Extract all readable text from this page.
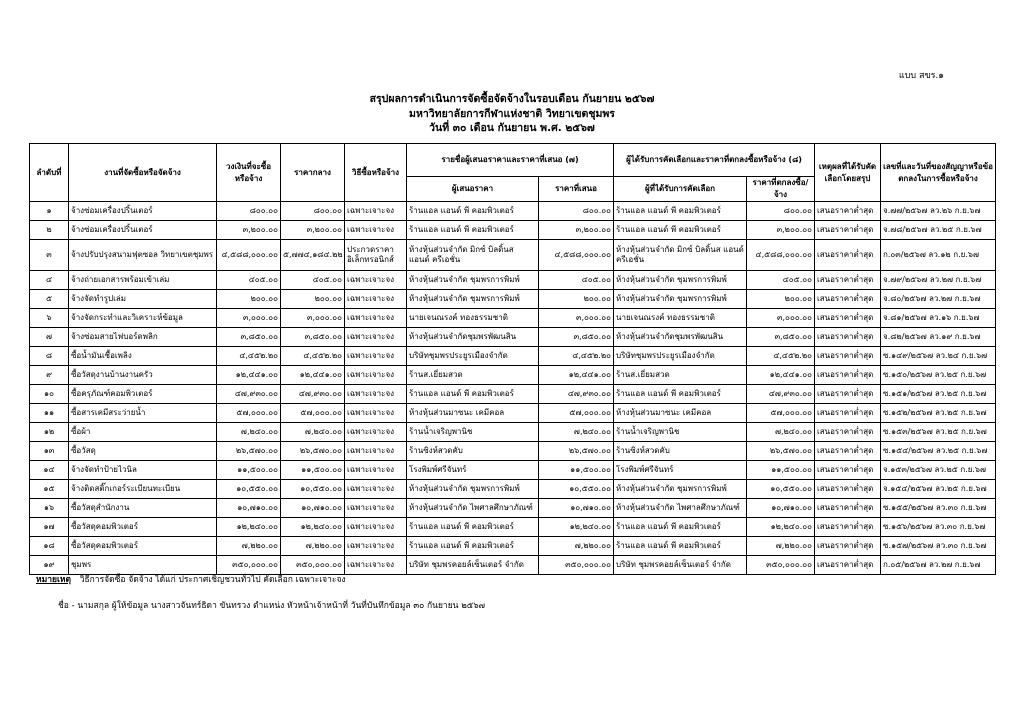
แบบ สขร.๑
สรุปผลการดำเนินการจัดซื้อจัดจ้างในรอบเดือน กันยายน ๒๕๖๗
มหาวิทยาลัยการกีฬาแห่งชาติ วิทยาเขตชุมพร
วันที่ ๓๐ เดือน กันยายน พ.ศ. ๒๕๖๗
ลำดับที่	งานที่จัดซื้อหรือจัดจ้าง	วงเงินที่จะซื้อหรือจ้าง	ราคากลาง	วิธีซื้อหรือจ้าง	รายชื่อผู้เสนอราคาและราคาที่เสนอ (๗)		ผู้ได้รับการคัดเลือกและราคาที่ตกลงซื้อหรือจ้าง (๘)		เหตุผลที่ได้รับคัดเลือกโดยสรุป	เลขที่และวันที่ของสัญญาหรือข้อตกลงในการซื้อหรือจ้าง
					ผู้เสนอราคา	ราคาที่เสนอ	ผู้ที่ได้รับการคัดเลือก	ราคาที่ตกลงซื้อ/จ้าง		
๑	จ้างซ่อมเครื่องปริ้นเตอร์	๘๐๐.๐๐	๘๐๐.๐๐	เฉพาะเจาะจง	ร้านแอล แอนด์ พี คอมพิวเตอร์	๘๐๐.๐๐	ร้านแอล แอนด์ พี คอมพิวเตอร์	๘๐๐.๐๐	เสนอราคาต่ำสุด	จ.๗๗/๒๕๖๗ ลว.๒๖ ก.ย.๖๗
๒	จ้างซ่อมเครื่องปริ้นเตอร์	๓,๒๐๐.๐๐	๓,๒๐๐.๐๐	เฉพาะเจาะจง	ร้านแอล แอนด์ พี คอมพิวเตอร์	๓,๒๐๐.๐๐	ร้านแอล แอนด์ พี คอมพิวเตอร์	๓,๒๐๐.๐๐	เสนอราคาต่ำสุด	จ.๗๘/๒๕๖๗ ลว.๒๕ ก.ย.๖๗
๓	จ้างปรับปรุงสนามฟุตซอล วิทยาเขตชุมพร	๔,๕๘๘,๐๐๐.๐๐	๕,๗๗๔,๑๘๔.๒๒	ประกวดราคาอิเล็กทรอนิกส์	ห้างหุ้นส่วนจำกัด มิกซ์ บิลดิ้นส แอนด์ ครีเอชั่น	๔,๕๘๘,๐๐๐.๐๐	ห้างหุ้นส่วนจำกัด มิกซ์ บิลดิ้นส แอนด์ ครีเอชั่น	๔,๕๘๘,๐๐๐.๐๐	เสนอราคาต่ำสุด	ก.๐๓/๒๕๖๗ ลว.๑๒ ก.ย.๖๗
๔	จ้างถ่ายเอกสารพร้อมเข้าเล่ม	๔๐๕.๐๐	๔๐๕.๐๐	เฉพาะเจาะจง	ห้างหุ้นส่วนจำกัด ชุมพรการพิมพ์	๔๐๕.๐๐	ห้างหุ้นส่วนจำกัด ชุมพรการพิมพ์	๔๐๕.๐๐	เสนอราคาต่ำสุด	จ.๗๙/๒๕๖๗ ลว.๒๗ ก.ย.๖๗
๕	จ้างจัดทำรูปเล่ม	๒๐๐.๐๐	๒๐๐.๐๐	เฉพาะเจาะจง	ห้างหุ้นส่วนจำกัด ชุมพรการพิมพ์	๒๐๐.๐๐	ห้างหุ้นส่วนจำกัด ชุมพรการพิมพ์	๒๐๐.๐๐	เสนอราคาต่ำสุด	จ.๘๐/๒๕๖๗ ลว.๒๗ ก.ย.๖๗
๖	จ้างจัดกระทำและวิเคราะห์ข้อมูล	๓,๐๐๐.๐๐	๓,๐๐๐.๐๐	เฉพาะเจาะจง	นายเจนณรงค์ ทองธรรมชาติ	๓,๐๐๐.๐๐	นายเจนณรงค์ ทองธรรมชาติ	๓,๐๐๐.๐๐	เสนอราคาต่ำสุด	จ.๘๑/๒๕๖๗ ลว.๑๖ ก.ย.๖๗
๗	จ้างซ่อมสายไฟบอร์ดพลิก	๓,๘๕๐.๐๐	๓,๘๕๐.๐๐	เฉพาะเจาะจง	ห้างหุ้นส่วนจำกัดชุมพรพัฒนสิน	๓,๘๕๐.๐๐	ห้างหุ้นส่วนจำกัดชุมพรพัฒนสิน	๓,๘๕๐.๐๐	เสนอราคาต่ำสุด	จ.๘๒/๒๕๖๗ ลว.๑๙ ก.ย.๖๗
๘	ซื้อน้ำมันเชื้อเพลิง	๔,๔๕๒.๒๐	๔,๔๕๒.๒๐	เฉพาะเจาะจง	บริษัทชุมพรประยูรเมืองจำกัด	๔,๔๕๒.๒๐	บริษัทชุมพรประยูรเมืองจำกัด	๔,๔๕๒.๒๐	เสนอราคาต่ำสุด	ซ.๑๔๙/๒๕๖๗ ลว.๒๔ ก.ย.๖๗
๙	ซื้อวัสดุงานบ้านงานครัว	๑๒,๔๔๑.๐๐	๑๒,๔๔๑.๐๐	เฉพาะเจาะจง	ร้านส.เยี่ยมสวด	๑๒,๔๔๑.๐๐	ร้านส.เยี่ยมสวด	๑๒,๔๔๑.๐๐	เสนอราคาต่ำสุด	ซ.๑๕๐/๒๕๖๗ ลว.๒๕ ก.ย.๖๗
๑๐	ซื้อครุภัณฑ์คอมพิวเตอร์	๔๗,๙๓๐.๐๐	๔๗,๙๓๐.๐๐	เฉพาะเจาะจง	ร้านแอล แอนด์ พี คอมพิวเตอร์	๔๗,๙๓๐.๐๐	ร้านแอล แอนด์ พี คอมพิวเตอร์	๔๗,๙๓๐.๐๐	เสนอราคาต่ำสุด	ซ.๑๕๑/๒๕๖๗ ลว.๒๕ ก.ย.๖๗
๑๑	ซื้อสารเคมีสระว่ายน้ำ	๕๗,๐๐๐.๐๐	๕๗,๐๐๐.๐๐	เฉพาะเจาะจง	ห้างหุ้นส่วนมาซนะ เคมีคอล	๕๗,๐๐๐.๐๐	ห้างหุ้นส่วนมาซนะ เคมีคอล	๕๗,๐๐๐.๐๐	เสนอราคาต่ำสุด	ซ.๑๕๒/๒๕๖๗ ลว.๒๕ ก.ย.๖๗
๑๒	ซื้อผ้า	๗,๒๔๐.๐๐	๗,๒๔๐.๐๐	เฉพาะเจาะจง	ร้านน้ำเจริญพานิช	๗,๒๔๐.๐๐	ร้านน้ำเจริญพานิช	๗,๒๔๐.๐๐	เสนอราคาต่ำสุด	ซ.๑๕๓/๒๕๖๗ ลว.๒๕ ก.ย.๖๗
๑๓	ซื้อวัสดุ	๒๖,๕๗๐.๐๐	๒๖,๕๗๐.๐๐	เฉพาะเจาะจง	ร้านซิงห์สวดคับ	๒๖,๕๗๐.๐๐	ร้านซิงห์สวดคับ	๒๖,๕๗๐.๐๐	เสนอราคาต่ำสุด	ซ.๑๕๔/๒๕๖๗ ลว.๒๕ ก.ย.๖๗
๑๔	จ้างจัดทำป้ายไวนิล	๑๑,๕๐๐.๐๐	๑๑,๕๐๐.๐๐	เฉพาะเจาะจง	โรงพิมพ์ศรีจันทร์	๑๑,๕๐๐.๐๐	โรงพิมพ์ศรีจันทร์	๑๑,๕๐๐.๐๐	เสนอราคาต่ำสุด	จ.๑๕๓/๒๕๖๗ ลว.๒๕ ก.ย.๖๗
๑๕	จ้างติดสติ๊กเกอร์ระเบียนทะเบียน	๑๐,๕๕๐.๐๐	๑๐,๕๕๐.๐๐	เฉพาะเจาะจง	ห้างหุ้นส่วนจำกัด ชุมพรการพิมพ์	๑๐,๕๕๐.๐๐	ห้างหุ้นส่วนจำกัด ชุมพรการพิมพ์	๑๐,๕๕๐.๐๐	เสนอราคาต่ำสุด	จ.๑๕๔/๒๕๖๗ ลว.๒๕ ก.ย.๖๗
๑๖	ซื้อวัสดุสำนักงาน	๑๐,๗๑๐.๐๐	๑๐,๗๑๐.๐๐	เฉพาะเจาะจง	ห้างหุ้นส่วนจำกัด ไพศาลศึกษาภัณฑ์	๑๐,๗๑๐.๐๐	ห้างหุ้นส่วนจำกัด ไพศาลศึกษาภัณฑ์	๑๐,๗๑๐.๐๐	เสนอราคาต่ำสุด	ซ.๑๕๕/๒๕๖๗ ลว.๓๐ ก.ย.๖๗
๑๗	ซื้อวัสดุคอมพิวเตอร์	๑๒,๒๔๐.๐๐	๑๒,๒๔๐.๐๐	เฉพาะเจาะจง	ร้านแอล แอนด์ พี คอมพิวเตอร์	๑๒,๒๔๐.๐๐	ร้านแอล แอนด์ พี คอมพิวเตอร์	๑๒,๒๔๐.๐๐	เสนอราคาต่ำสุด	ซ.๑๕๖/๒๕๖๗ ลว.๓๐ ก.ย.๖๗
๑๘	ซื้อวัสดุคอมพิวเตอร์	๗,๒๒๐.๐๐	๗,๒๒๐.๐๐	เฉพาะเจาะจง	ร้านแอล แอนด์ พี คอมพิวเตอร์	๗,๒๒๐.๐๐	ร้านแอล แอนด์ พี คอมพิวเตอร์	๗,๒๒๐.๐๐	เสนอราคาต่ำสุด	ซ.๑๕๗/๒๕๖๗ ลว.๓๐ ก.ย.๖๗
๑๙	ชุมพร	๓๕๐,๐๐๐.๐๐	๓๕๐,๐๐๐.๐๐	เฉพาะเจาะจง	บริษัท ชุมพรคอยล์เซ็นเตอร์ จำกัด	๓๕๐,๐๐๐.๐๐	บริษัท ชุมพรคอยล์เซ็นเตอร์ จำกัด	๓๕๐,๐๐๐.๐๐	เสนอราคาต่ำสุด	ก.๐๕/๒๕๖๗ ลว.๒๗ ก.ย.๖๗
หมายเหตุ วิธีการจัดซื้อ จัดจ้าง ได้แก่ ประกาศเชิญชวนทั่วไป คัดเลือก เฉพาะเจาะจง
ชื่อ - นามสกุล ผู้ให้ข้อมูล นางสาวจันทร์ธิดา ขันทรวง ตำแหน่ง หัวหน้าเจ้าหน้าที่ วันที่บันทึกข้อมูล ๓๐ กันยายน ๒๕๖๗
